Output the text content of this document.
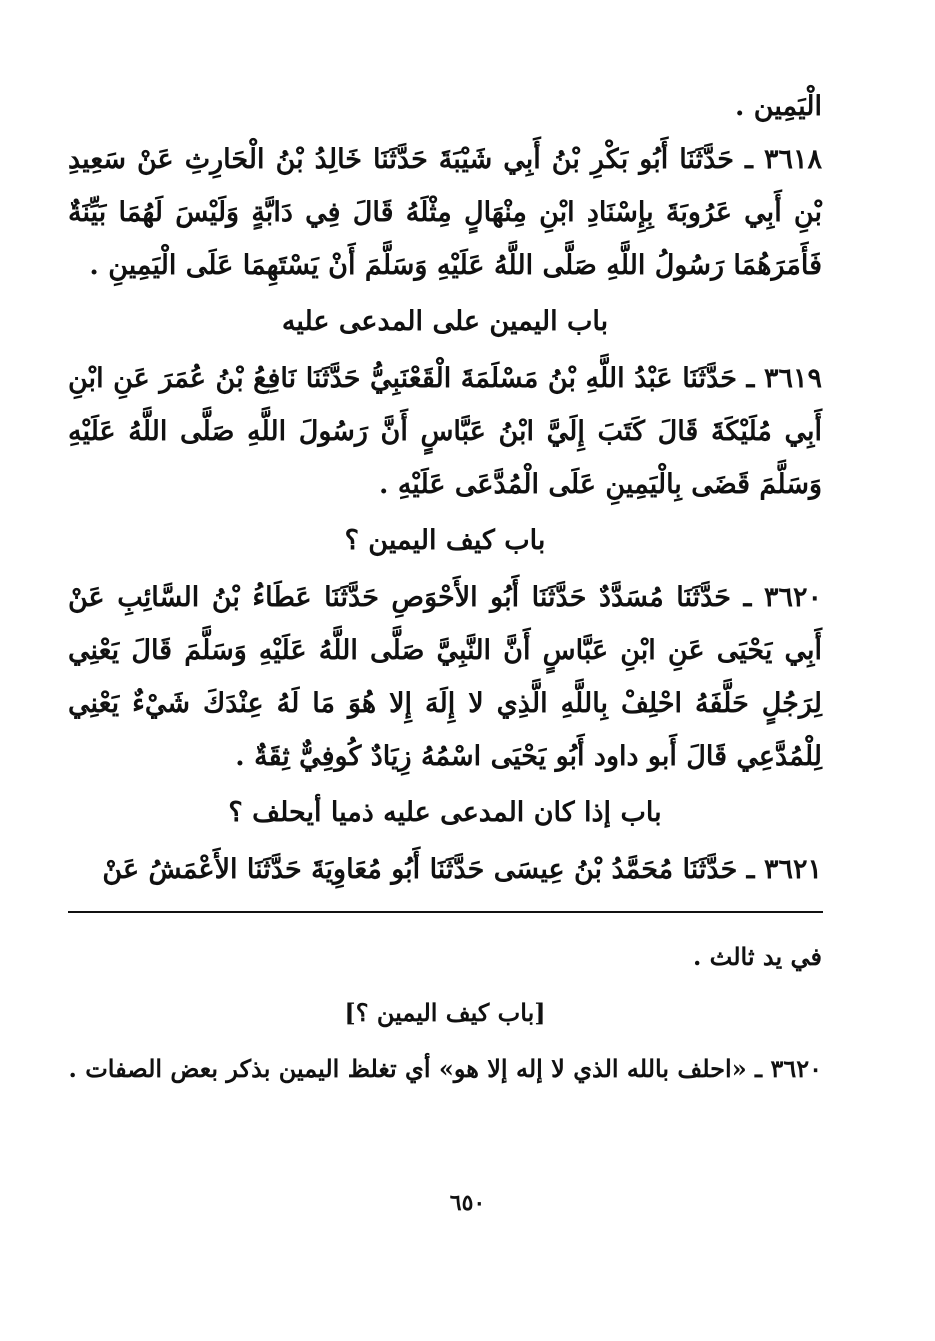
الْيَمِين .

٣٦١٨ ـ حَدَّثَنَا أَبُو بَكْرِ بْنُ أَبِي شَيْبَةَ حَدَّثَنَا خَالِدُ بْنُ الْحَارِثِ عَنْ سَعِيدِ بْنِ أَبِي عَرُوبَةَ بِإِسْنَادِ ابْنِ مِنْهَالٍ مِثْلَهُ قَالَ فِي دَابَّةٍ وَلَيْسَ لَهُمَا بَيِّنَةٌ فَأَمَرَهُمَا رَسُولُ اللَّهِ صَلَّى اللَّهُ عَلَيْهِ وَسَلَّمَ أَنْ يَسْتَهِمَا عَلَى الْيَمِينِ .

باب اليمين على المدعى عليه

٣٦١٩ ـ حَدَّثَنَا عَبْدُ اللَّهِ بْنُ مَسْلَمَةَ الْقَعْنَبِيُّ حَدَّثَنَا نَافِعُ بْنُ عُمَرَ عَنِ ابْنِ أَبِي مُلَيْكَةَ قَالَ كَتَبَ إِلَيَّ ابْنُ عَبَّاسٍ أَنَّ رَسُولَ اللَّهِ صَلَّى اللَّهُ عَلَيْهِ وَسَلَّمَ قَضَى بِالْيَمِينِ عَلَى الْمُدَّعَى عَلَيْهِ .

باب كيف اليمين ؟

٣٦٢٠ ـ حَدَّثَنَا مُسَدَّدٌ حَدَّثَنَا أَبُو الأَحْوَصِ حَدَّثَنَا عَطَاءُ بْنُ السَّائِبِ عَنْ أَبِي يَحْيَى عَنِ ابْنِ عَبَّاسٍ أَنَّ النَّبِيَّ صَلَّى اللَّهُ عَلَيْهِ وَسَلَّمَ قَالَ يَعْنِي لِرَجُلٍ حَلَّفَهُ احْلِفْ بِاللَّهِ الَّذِي لا إِلَهَ إِلا هُوَ مَا لَهُ عِنْدَكَ شَيْءٌ يَعْنِي لِلْمُدَّعِي قَالَ أَبو داود أَبُو يَحْيَى اسْمُهُ زِيَادٌ كُوفِيٌّ ثِقَةٌ .

باب إذا كان المدعى عليه ذميا أيحلف ؟

٣٦٢١ ـ حَدَّثَنَا مُحَمَّدُ بْنُ عِيسَى حَدَّثَنَا أَبُو مُعَاوِيَةَ حَدَّثَنَا الأَعْمَشُ عَنْ

في يد ثالث .

[باب كيف اليمين ؟]

٣٦٢٠ ـ «احلف بالله الذي لا إله إلا هو» أي تغلظ اليمين بذكر بعض الصفات .

٦٥٠
